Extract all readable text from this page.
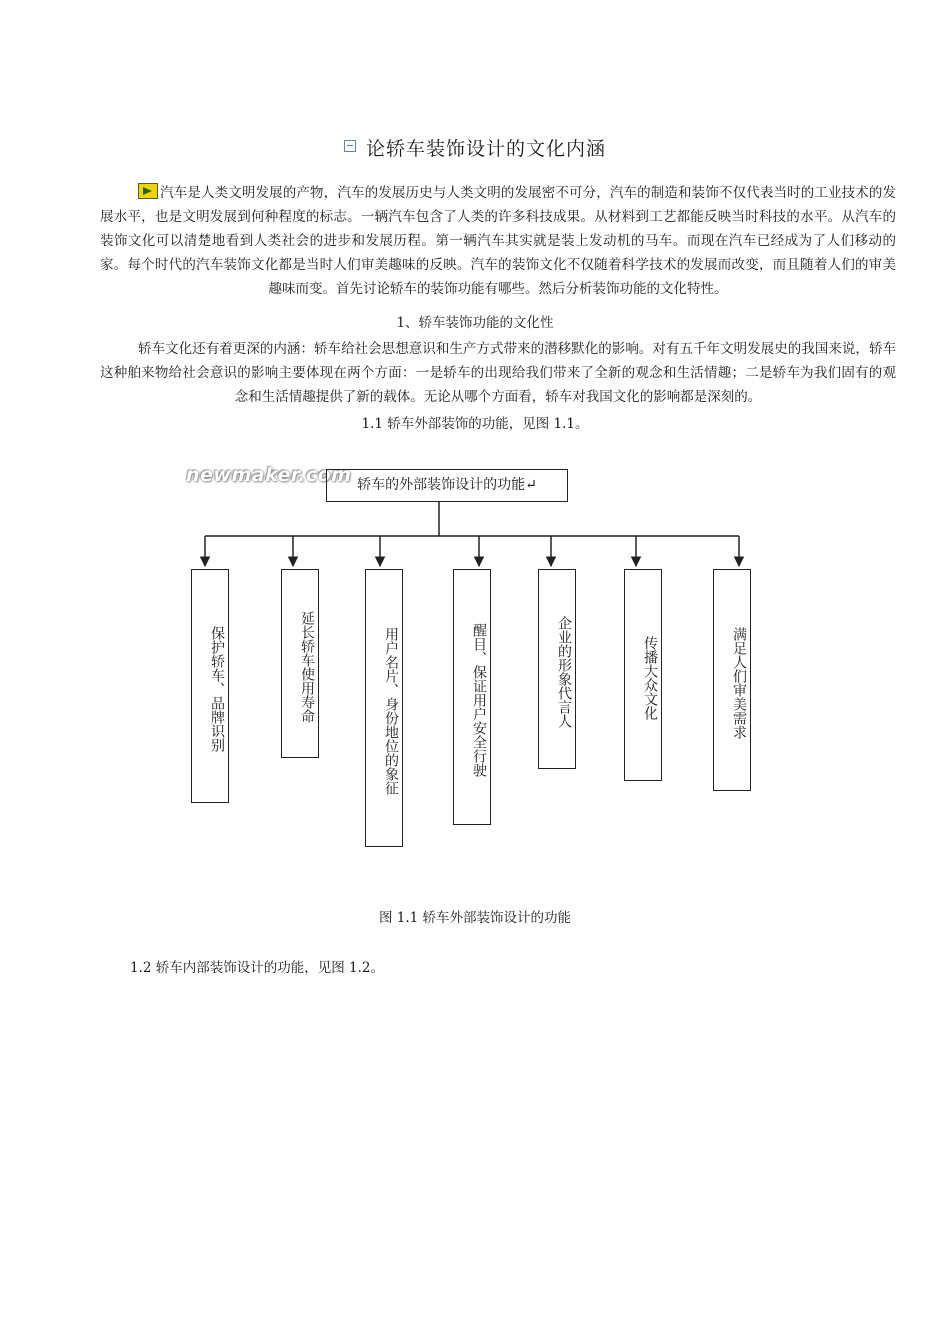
论轿车装饰设计的文化内涵
汽车是人类文明发展的产物，汽车的发展历史与人类文明的发展密不可分，汽车的制造和装饰不仅代表当时的工业技术的发展水平，也是文明发展到何种程度的标志。一辆汽车包含了人类的许多科技成果。从材料到工艺都能反映当时科技的水平。从汽车的装饰文化可以清楚地看到人类社会的进步和发展历程。第一辆汽车其实就是装上发动机的马车。而现在汽车已经成为了人们移动的家。每个时代的汽车装饰文化都是当时人们审美趣味的反映。汽车的装饰文化不仅随着科学技术的发展而改变，而且随着人们的审美趣味而变。首先讨论轿车的装饰功能有哪些。然后分析装饰功能的文化特性。
1、轿车装饰功能的文化性
轿车文化还有着更深的内涵：轿车给社会思想意识和生产方式带来的潜移默化的影响。对有五千年文明发展史的我国来说，轿车这种舶来物给社会意识的影响主要体现在两个方面：一是轿车的出现给我们带来了全新的观念和生活情趣；二是轿车为我们固有的观念和生活情趣提供了新的载体。无论从哪个方面看，轿车对我国文化的影响都是深刻的。
1.1 轿车外部装饰的功能，见图 1.1。
newmaker.com 轿车的外部装饰设计的功能↵
保护轿车、品牌识别	延长轿车使用寿命	用户名片、身份地位的象征	醒目、保证用户安全行驶	企业的形象代言人	传播大众文化	满足人们审美需求
图 1.1 轿车外部装饰设计的功能
1.2 轿车内部装饰设计的功能，见图 1.2。
